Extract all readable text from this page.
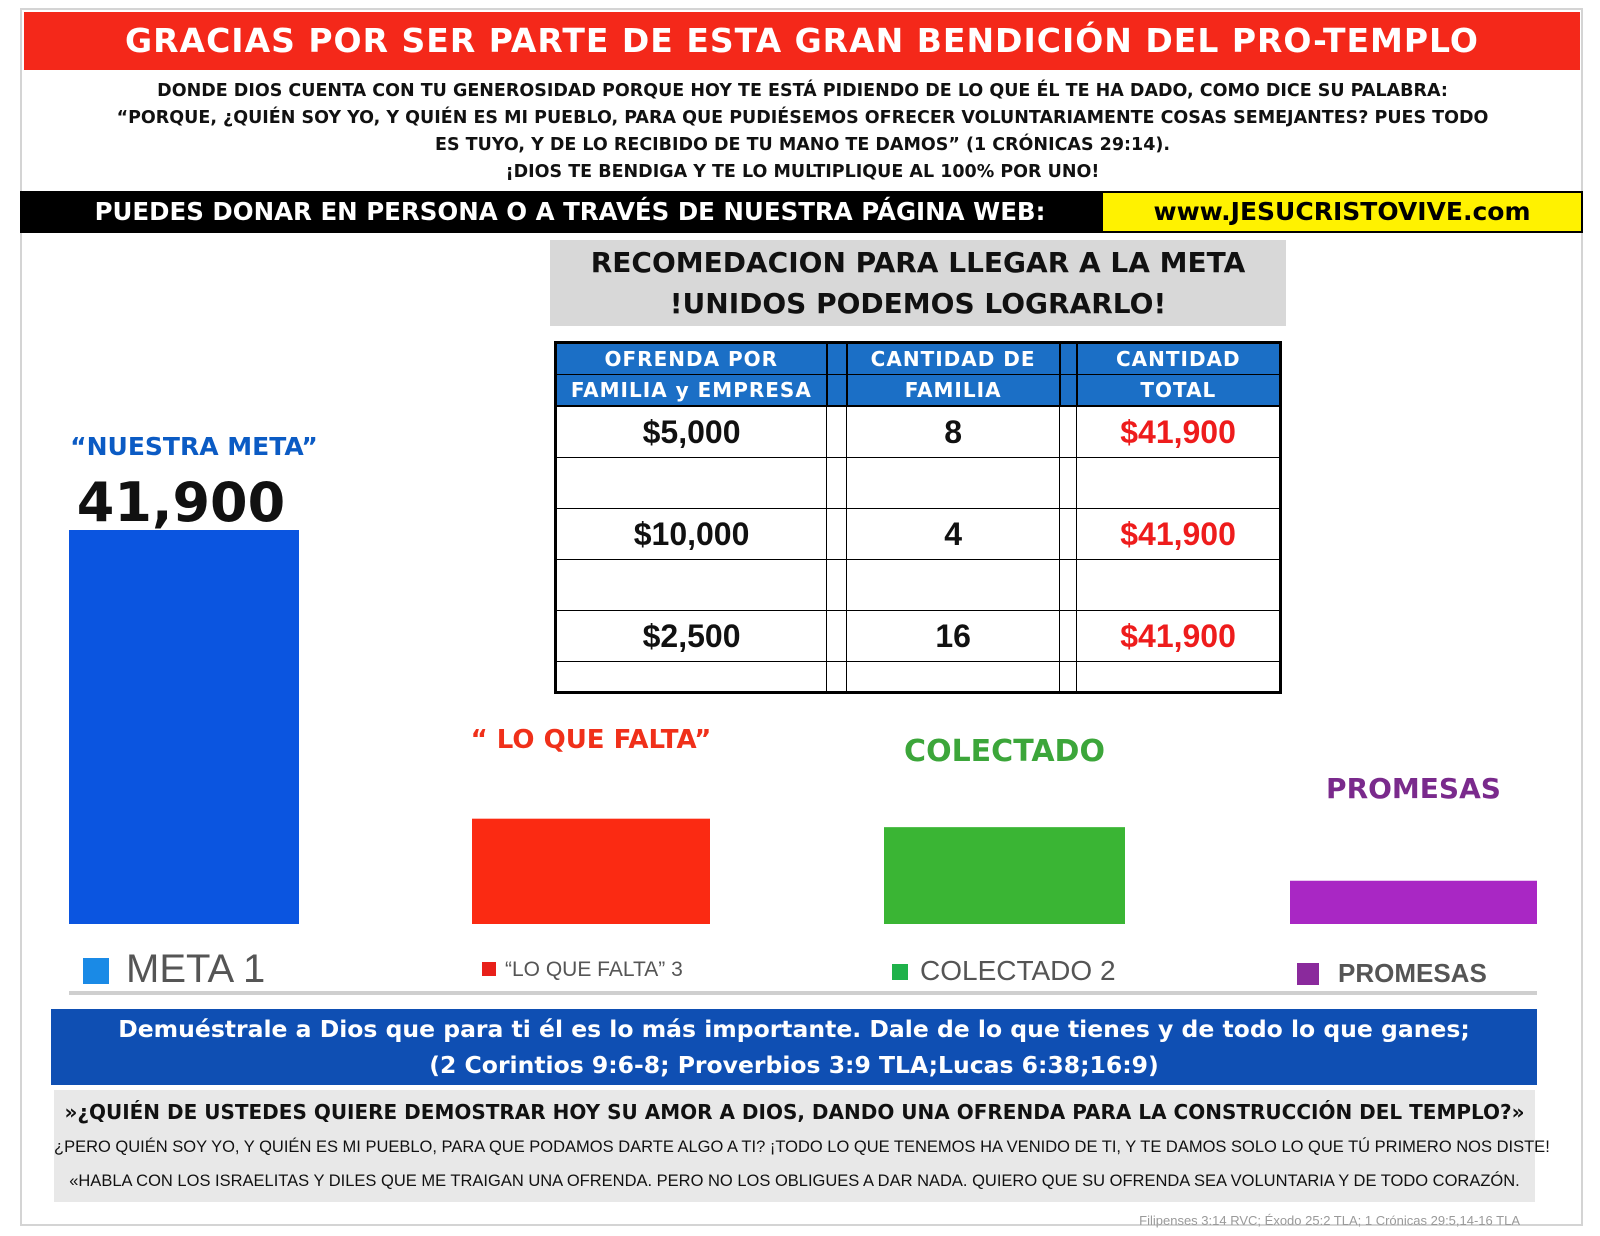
GRACIAS POR SER PARTE DE ESTA GRAN BENDICIÓN DEL PRO-TEMPLO
DONDE DIOS CUENTA CON TU GENEROSIDAD PORQUE HOY TE ESTÁ PIDIENDO DE LO QUE ÉL TE HA DADO, COMO DICE SU PALABRA:
“PORQUE, ¿QUIÉN SOY YO, Y QUIÉN ES MI PUEBLO, PARA QUE PUDIÉSEMOS OFRECER VOLUNTARIAMENTE COSAS SEMEJANTES? PUES TODO
ES TUYO, Y DE LO RECIBIDO DE TU MANO TE DAMOS” (1 CRÓNICAS 29:14).
¡DIOS TE BENDIGA Y TE LO MULTIPLIQUE AL 100% POR UNO!
PUEDES DONAR EN PERSONA O A TRAVÉS DE NUESTRA PÁGINA WEB:	www.JESUCRISTOVIVE.com
RECOMEDACION PARA LLEGAR A LA META
!UNIDOS PODEMOS LOGRARLO!
OFRENDA POR		CANTIDAD DE		CANTIDAD
FAMILIA y EMPRESA		FAMILIA		TOTAL
$5,000		8		$41,900

$10,000		4		$41,900

$2,500		16		$41,900

“NUESTRA META”
41,900
“ LO QUE FALTA”	COLECTADO
PROMESAS
META 1	“LO QUE FALTA” 3	COLECTADO 2	PROMESAS
Demuéstrale a Dios que para ti él es lo más importante. Dale de lo que tienes y de todo lo que ganes;
(2 Corintios 9:6-8; Proverbios 3:9 TLA;Lucas 6:38;16:9)
»¿QUIÉN DE USTEDES QUIERE DEMOSTRAR HOY SU AMOR A DIOS, DANDO UNA OFRENDA PARA LA CONSTRUCCIÓN DEL TEMPLO?»
¿PERO QUIÉN SOY YO, Y QUIÉN ES MI PUEBLO, PARA QUE PODAMOS DARTE ALGO A TI? ¡TODO LO QUE TENEMOS HA VENIDO DE TI, Y TE DAMOS SOLO LO QUE TÚ PRIMERO NOS DISTE!
«HABLA CON LOS ISRAELITAS Y DILES QUE ME TRAIGAN UNA OFRENDA. PERO NO LOS OBLIGUES A DAR NADA. QUIERO QUE SU OFRENDA SEA VOLUNTARIA Y DE TODO CORAZÓN.
Filipenses 3:14 RVC; Éxodo 25:2 TLA; 1 Crónicas 29:5,14-16 TLA
